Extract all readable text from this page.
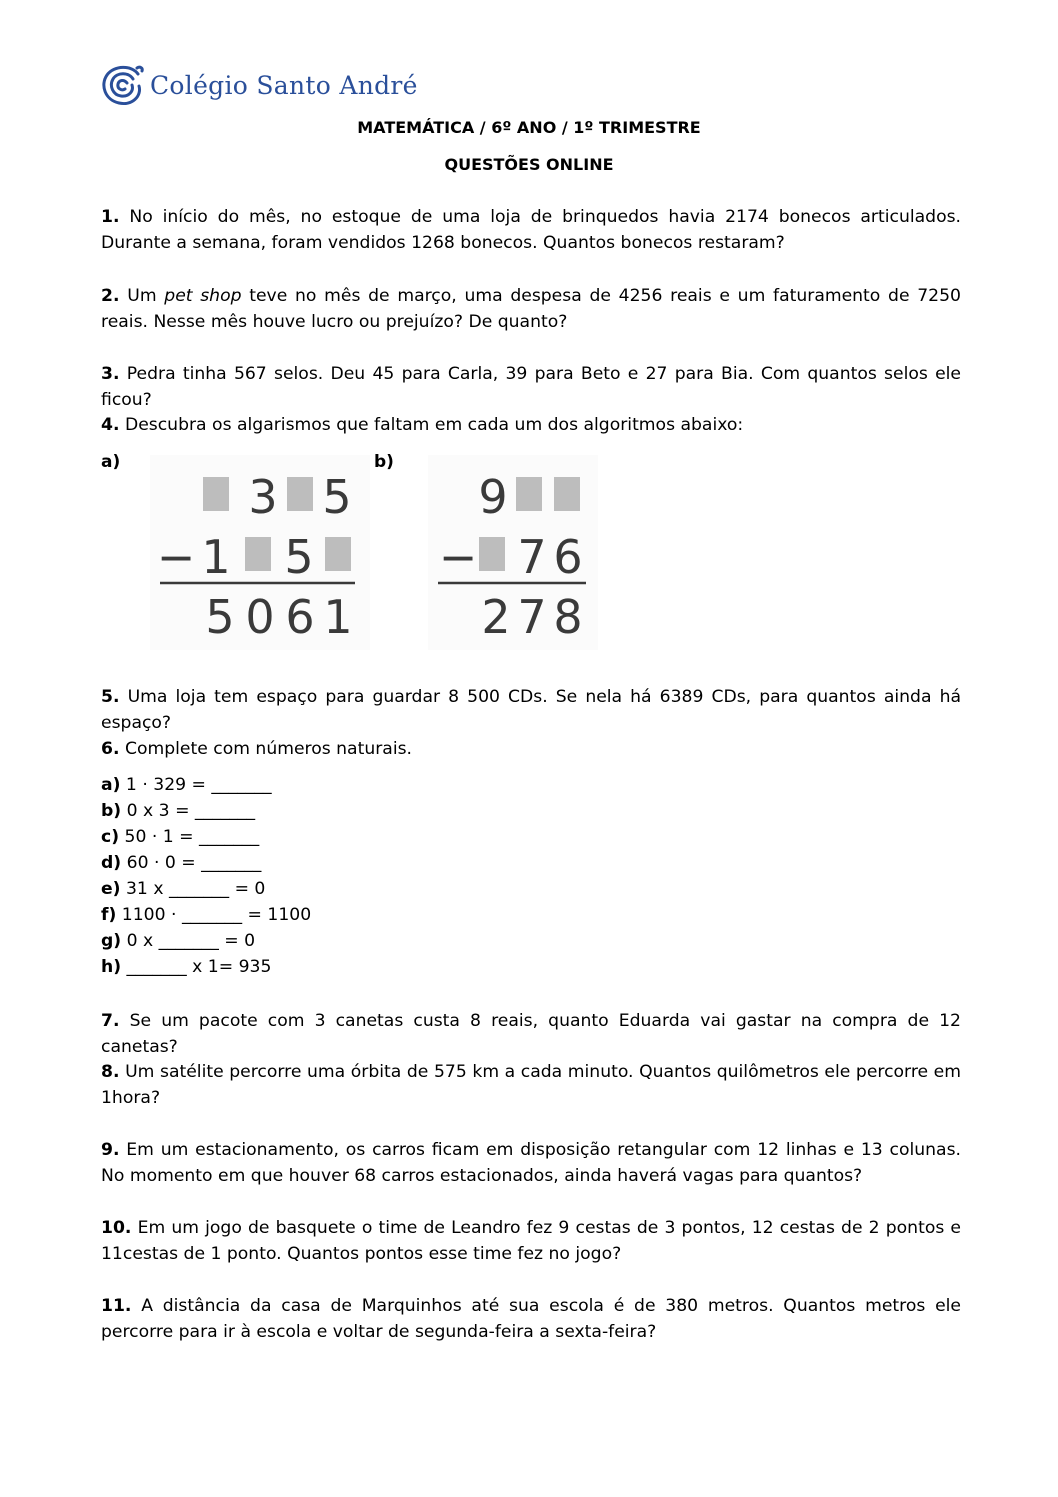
Colégio Santo André
MATEMÁTICA / 6º ANO / 1º TRIMESTRE
QUESTÕES ONLINE
1. No início do mês, no estoque de uma loja de brinquedos havia 2174 bonecos articulados. Durante a semana, foram vendidos 1268 bonecos. Quantos bonecos restaram?
2. Um pet shop teve no mês de março, uma despesa de 4256 reais e um faturamento de 7250 reais. Nesse mês houve lucro ou prejuízo? De quanto?
3. Pedra tinha 567 selos. Deu 45 para Carla, 39 para Beto e 27 para Bia. Com quantos selos ele ficou?
4. Descubra os algarismos que faltam em cada um dos algoritmos abaixo:
a)	b)
3 5
− 1 5
5 0 6 1
9
− 7 6
2 7 8
5. Uma loja tem espaço para guardar 8 500 CDs. Se nela há 6389 CDs, para quantos ainda há espaço?
6. Complete com números naturais.
a) 1 · 329 = _______
b) 0 x 3 = _______
c) 50 · 1 = _______
d) 60 · 0 = _______
e) 31 x _______ = 0
f) 1100 · _______ = 1100
g) 0 x _______ = 0
h) _______ x 1= 935
7. Se um pacote com 3 canetas custa 8 reais, quanto Eduarda vai gastar na compra de 12 canetas?
8. Um satélite percorre uma órbita de 575 km a cada minuto. Quantos quilômetros ele percorre em 1hora?
9. Em um estacionamento, os carros ficam em disposição retangular com 12 linhas e 13 colunas. No momento em que houver 68 carros estacionados, ainda haverá vagas para quantos?
10. Em um jogo de basquete o time de Leandro fez 9 cestas de 3 pontos, 12 cestas de 2 pontos e 11cestas de 1 ponto. Quantos pontos esse time fez no jogo?
11. A distância da casa de Marquinhos até sua escola é de 380 metros. Quantos metros ele percorre para ir à escola e voltar de segunda-feira a sexta-feira?
